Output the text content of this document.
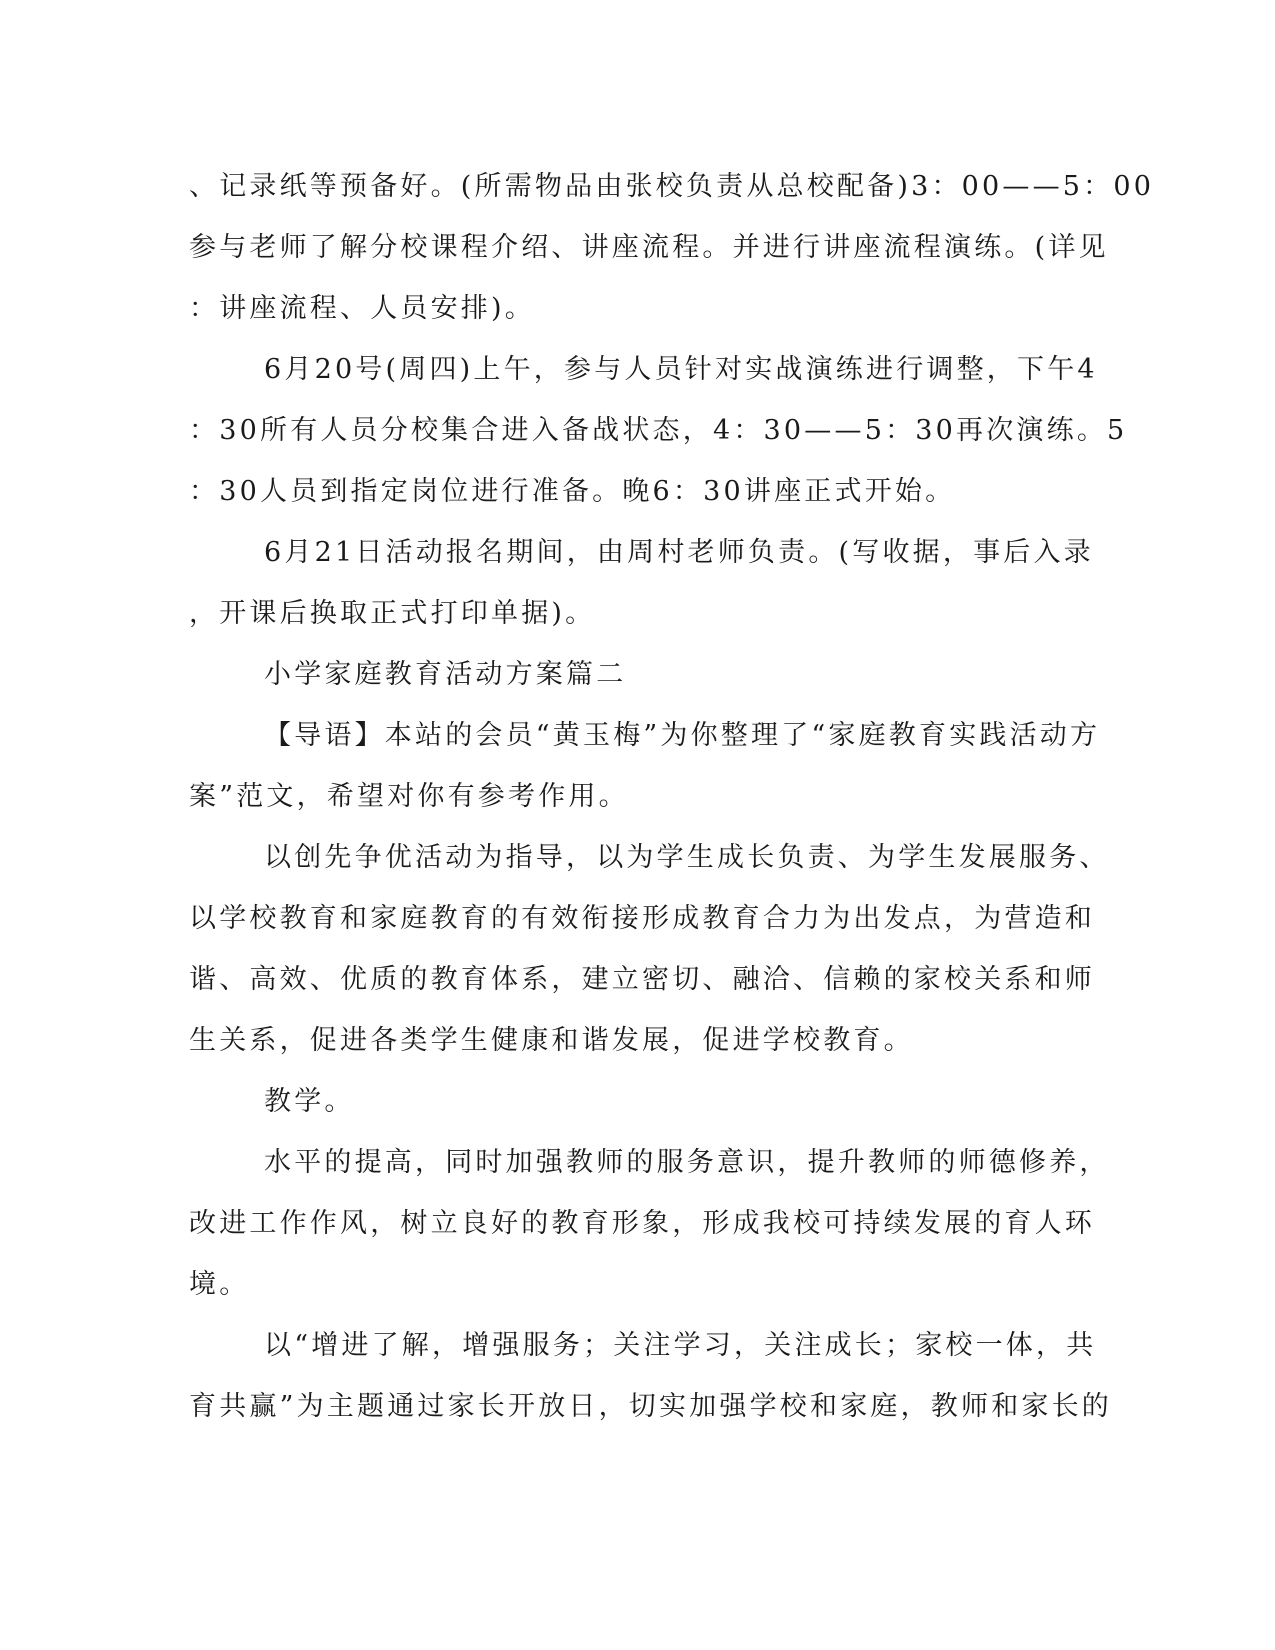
、记录纸等预备好。(所需物品由张校负责从总校配备)3：00——5：00
参与老师了解分校课程介绍、讲座流程。并进行讲座流程演练。(详见
：讲座流程、人员安排)。
6月20号(周四)上午，参与人员针对实战演练进行调整，下午4
：30所有人员分校集合进入备战状态，4：30——5：30再次演练。5
：30人员到指定岗位进行准备。晚6：30讲座正式开始。
6月21日活动报名期间，由周村老师负责。(写收据，事后入录
，开课后换取正式打印单据)。
小学家庭教育活动方案篇二
【导语】本站的会员“黄玉梅”为你整理了“家庭教育实践活动方
案”范文，希望对你有参考作用。
以创先争优活动为指导，以为学生成长负责、为学生发展服务、
以学校教育和家庭教育的有效衔接形成教育合力为出发点，为营造和
谐、高效、优质的教育体系，建立密切、融洽、信赖的家校关系和师
生关系，促进各类学生健康和谐发展，促进学校教育。
教学。
水平的提高，同时加强教师的服务意识，提升教师的师德修养，
改进工作作风，树立良好的教育形象，形成我校可持续发展的育人环
境。
以“增进了解，增强服务；关注学习，关注成长；家校一体，共
育共赢”为主题通过家长开放日，切实加强学校和家庭，教师和家长的
